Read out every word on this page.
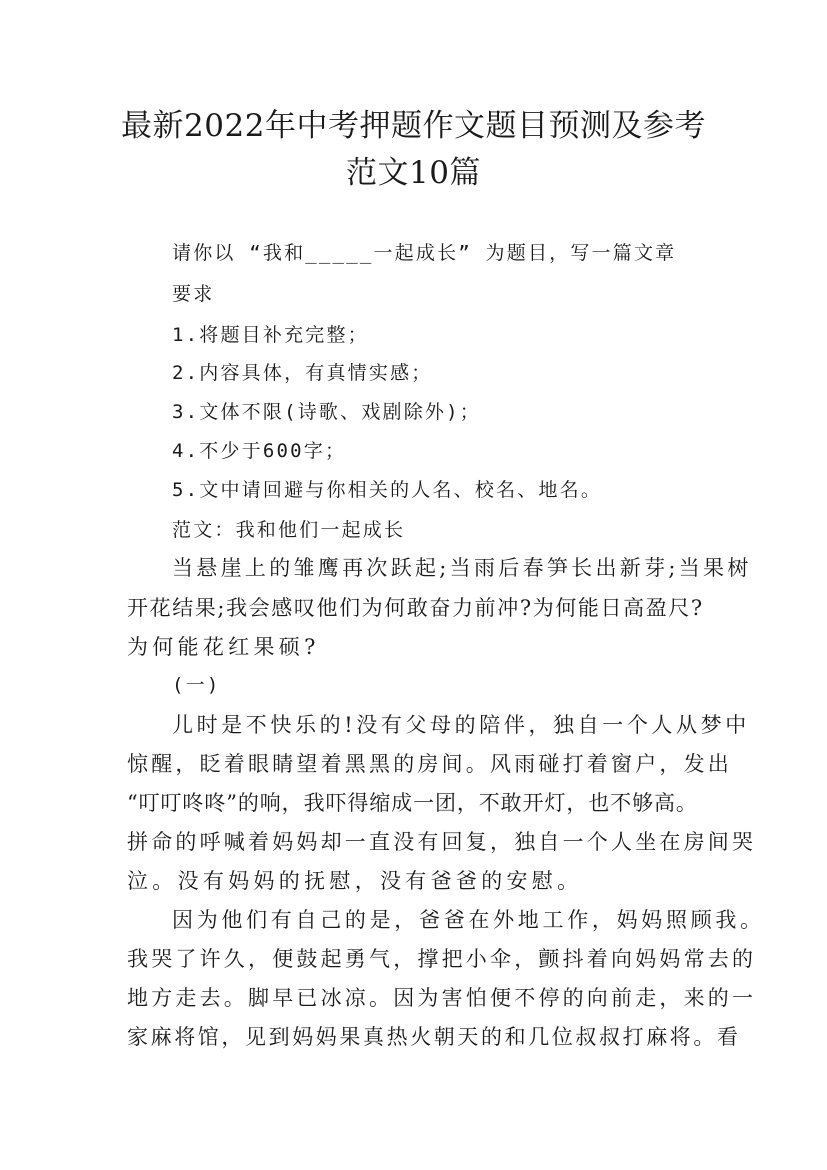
最新2022年中考押题作文题目预测及参考
范文10篇
请你以 “我和_____一起成长” 为题目，写一篇文章
要求
1.将题目补充完整；
2.内容具体，有真情实感；
3.文体不限(诗歌、戏剧除外)；
4.不少于600字；
5.文中请回避与你相关的人名、校名、地名。
范文：我和他们一起成长
当悬崖上的雏鹰再次跃起;当雨后春笋长出新芽;当果树
开花结果;我会感叹他们为何敢奋力前冲?为何能日高盈尺?
为何能花红果硕?
(一)
儿时是不快乐的!没有父母的陪伴，独自一个人从梦中
惊醒，眨着眼睛望着黑黑的房间。风雨碰打着窗户，发出
“叮叮咚咚”的响，我吓得缩成一团，不敢开灯，也不够高。
拼命的呼喊着妈妈却一直没有回复，独自一个人坐在房间哭
泣。没有妈妈的抚慰，没有爸爸的安慰。
因为他们有自己的是，爸爸在外地工作，妈妈照顾我。
我哭了许久，便鼓起勇气，撑把小伞，颤抖着向妈妈常去的
地方走去。脚早已冰凉。因为害怕便不停的向前走，来的一
家麻将馆，见到妈妈果真热火朝天的和几位叔叔打麻将。看
